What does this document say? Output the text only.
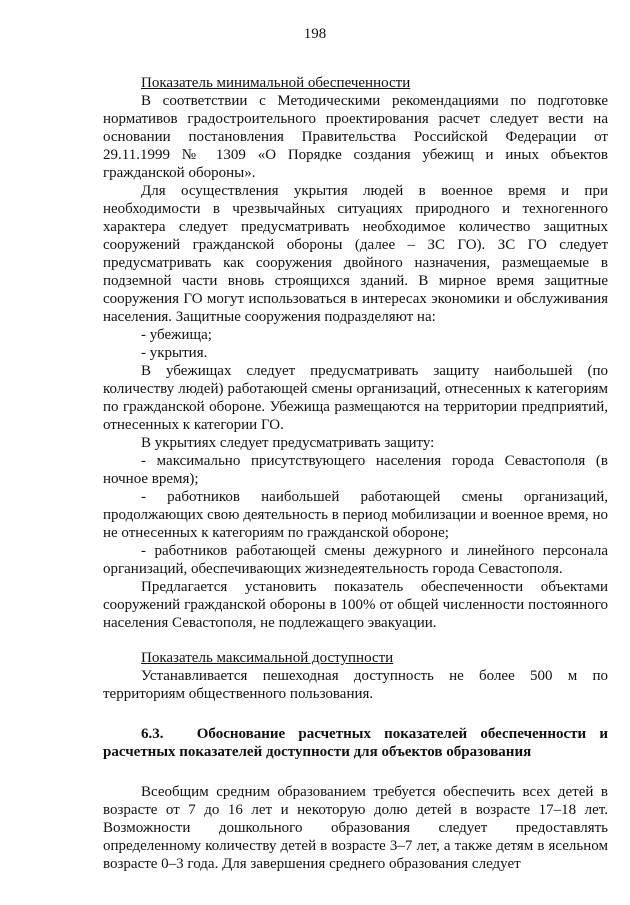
198

Показатель минимальной обеспеченности

В соответствии с Методическими рекомендациями по подготовке нормативов градостроительного проектирования расчет следует вести на основании постановления Правительства Российской Федерации от 29.11.1999 № 1309 «О Порядке создания убежищ и иных объектов гражданской обороны».

Для осуществления укрытия людей в военное время и при необходимости в чрезвычайных ситуациях природного и техногенного характера следует предусматривать необходимое количество защитных сооружений гражданской обороны (далее – ЗС ГО). ЗС ГО следует предусматривать как сооружения двойного назначения, размещаемые в подземной части вновь строящихся зданий. В мирное время защитные сооружения ГО могут использоваться в интересах экономики и обслуживания населения. Защитные сооружения подразделяют на:

- убежища;

- укрытия.

В убежищах следует предусматривать защиту наибольшей (по количеству людей) работающей смены организаций, отнесенных к категориям по гражданской обороне. Убежища размещаются на территории предприятий, отнесенных к категории ГО.

В укрытиях следует предусматривать защиту:

- максимально присутствующего населения города Севастополя (в ночное время);

- работников наибольшей работающей смены организаций, продолжающих свою деятельность в период мобилизации и военное время, но не отнесенных к категориям по гражданской обороне;

- работников работающей смены дежурного и линейного персонала организаций, обеспечивающих жизнедеятельность города Севастополя.

Предлагается установить показатель обеспеченности объектами сооружений гражданской обороны в 100% от общей численности постоянного населения Севастополя, не подлежащего эвакуации.

Показатель максимальной доступности

Устанавливается пешеходная доступность не более 500 м по территориям общественного пользования.

6.3. Обоснование расчетных показателей обеспеченности и расчетных показателей доступности для объектов образования

Всеобщим средним образованием требуется обеспечить всех детей в возрасте от 7 до 16 лет и некоторую долю детей в возрасте 17–18 лет. Возможности дошкольного образования следует предоставлять определенному количеству детей в возрасте 3–7 лет, а также детям в ясельном возрасте 0–3 года. Для завершения среднего образования следует
